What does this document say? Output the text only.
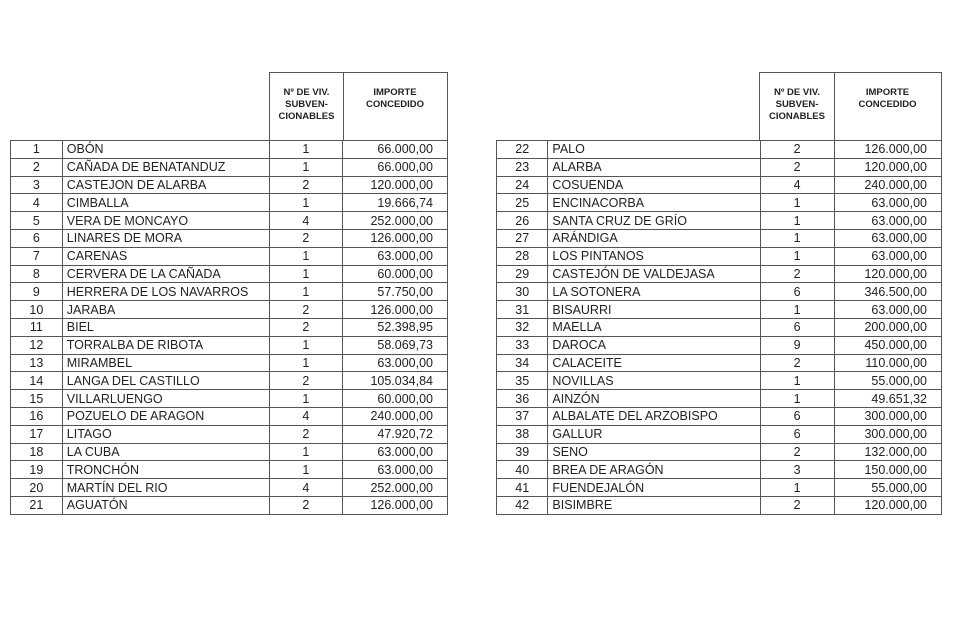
Nº DE VIV.
SUBVEN-
CIONABLES
IMPORTE
CONCEDIDO
1	OBÓN	1	66.000,00
2	CAÑADA DE BENATANDUZ	1	66.000,00
3	CASTEJON DE ALARBA	2	120.000,00
4	CIMBALLA	1	19.666,74
5	VERA DE MONCAYO	4	252.000,00
6	LINARES DE MORA	2	126.000,00
7	CARENAS	1	63.000,00
8	CERVERA DE LA CAÑADA	1	60.000,00
9	HERRERA DE LOS NAVARROS	1	57.750,00
10	JARABA	2	126.000,00
11	BIEL	2	52.398,95
12	TORRALBA DE RIBOTA	1	58.069,73
13	MIRAMBEL	1	63.000,00
14	LANGA DEL CASTILLO	2	105.034,84
15	VILLARLUENGO	1	60.000,00
16	POZUELO DE ARAGON	4	240.000,00
17	LITAGO	2	47.920,72
18	LA CUBA	1	63.000,00
19	TRONCHÓN	1	63.000,00
20	MARTÍN DEL RIO	4	252.000,00
21	AGUATÓN	2	126.000,00
Nº DE VIV.
SUBVEN-
CIONABLES
IMPORTE
CONCEDIDO
22	PALO	2	126.000,00
23	ALARBA	2	120.000,00
24	COSUENDA	4	240.000,00
25	ENCINACORBA	1	63.000,00
26	SANTA CRUZ DE GRÍO	1	63.000,00
27	ARÁNDIGA	1	63.000,00
28	LOS PINTANOS	1	63.000,00
29	CASTEJÓN DE VALDEJASA	2	120.000,00
30	LA SOTONERA	6	346.500,00
31	BISAURRI	1	63.000,00
32	MAELLA	6	200.000,00
33	DAROCA	9	450.000,00
34	CALACEITE	2	110.000,00
35	NOVILLAS	1	55.000,00
36	AINZÓN	1	49.651,32
37	ALBALATE DEL ARZOBISPO	6	300.000,00
38	GALLUR	6	300.000,00
39	SENO	2	132.000,00
40	BREA DE ARAGÓN	3	150.000,00
41	FUENDEJALÓN	1	55.000,00
42	BISIMBRE	2	120.000,00
